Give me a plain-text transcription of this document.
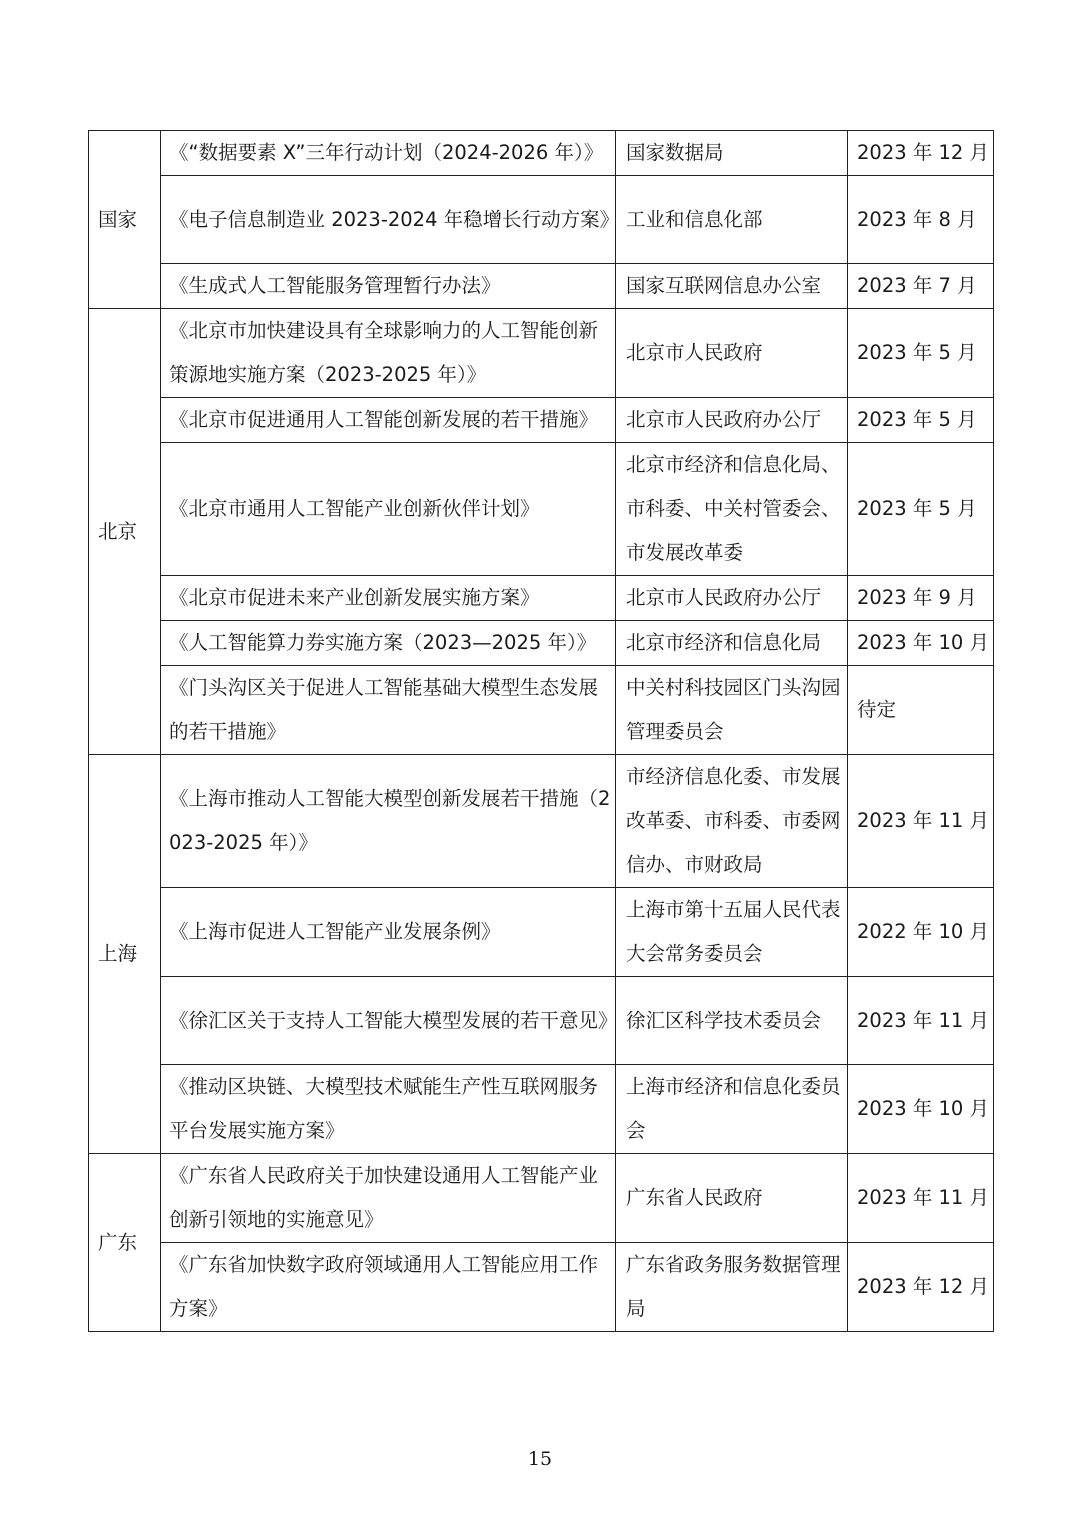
国家	《“数据要素 X”三年行动计划（2024-2026 年）》	国家数据局	2023 年 12 月
	《电子信息制造业 2023-2024 年稳增长行动方案》	工业和信息化部	2023 年 8 月
	《生成式人工智能服务管理暂行办法》	国家互联网信息办公室	2023 年 7 月
北京	《北京市加快建设具有全球影响力的人工智能创新策源地实施方案（2023-2025 年）》	北京市人民政府	2023 年 5 月
	《北京市促进通用人工智能创新发展的若干措施》	北京市人民政府办公厅	2023 年 5 月
	《北京市通用人工智能产业创新伙伴计划》	北京市经济和信息化局、市科委、中关村管委会、市发展改革委	2023 年 5 月
	《北京市促进未来产业创新发展实施方案》	北京市人民政府办公厅	2023 年 9 月
	《人工智能算力券实施方案（2023—2025 年）》	北京市经济和信息化局	2023 年 10 月
	《门头沟区关于促进人工智能基础大模型生态发展的若干措施》	中关村科技园区门头沟园管理委员会	待定
上海	《上海市推动人工智能大模型创新发展若干措施（2023-2025 年）》	市经济信息化委、市发展改革委、市科委、市委网信办、市财政局	2023 年 11 月
	《上海市促进人工智能产业发展条例》	上海市第十五届人民代表大会常务委员会	2022 年 10 月
	《徐汇区关于支持人工智能大模型发展的若干意见》	徐汇区科学技术委员会	2023 年 11 月
	《推动区块链、大模型技术赋能生产性互联网服务平台发展实施方案》	上海市经济和信息化委员会	2023 年 10 月
广东	《广东省人民政府关于加快建设通用人工智能产业创新引领地的实施意见》	广东省人民政府	2023 年 11 月
	《广东省加快数字政府领域通用人工智能应用工作方案》	广东省政务服务数据管理局	2023 年 12 月
15
